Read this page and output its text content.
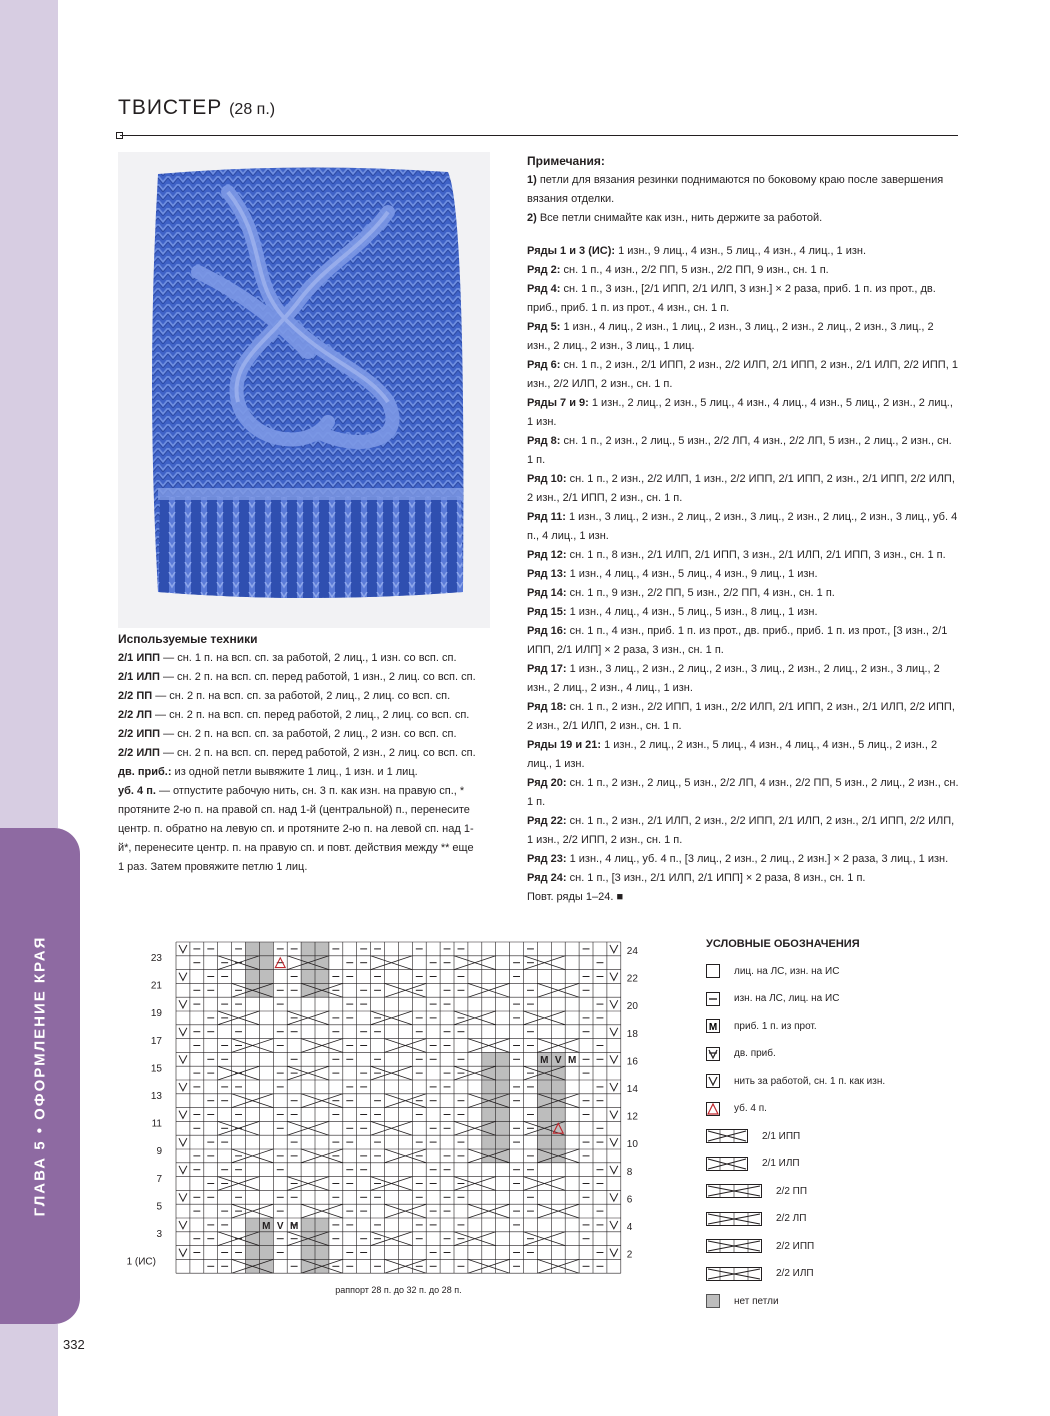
ГЛАВА 5 • ОФОРМЛЕНИЕ КРАЯ
332
ТВИСТЕР (28 п.)

Примечания:

1) петли для вязания резинки поднимаются по боковому краю после завершения вязания отделки.

2) Все петли снимайте как изн., нить держите за работой.

Ряды 1 и 3 (ИС): 1 изн., 9 лиц., 4 изн., 5 лиц., 4 изн., 4 лиц., 1 изн.

Ряд 2: сн. 1 п., 4 изн., 2/2 ПП, 5 изн., 2/2 ПП, 9 изн., сн. 1 п.

Ряд 4: сн. 1 п., 3 изн., [2/1 ИПП, 2/1 ИЛП, 3 изн.] × 2 раза, приб. 1 п. из прот., дв. приб., приб. 1 п. из прот., 4 изн., сн. 1 п.

Ряд 5: 1 изн., 4 лиц., 2 изн., 1 лиц., 2 изн., 3 лиц., 2 изн., 2 лиц., 2 изн., 3 лиц., 2 изн., 2 лиц., 2 изн., 3 лиц., 1 лиц.

Ряд 6: сн. 1 п., 2 изн., 2/1 ИПП, 2 изн., 2/2 ИЛП, 2/1 ИПП, 2 изн., 2/1 ИЛП, 2/2 ИПП, 1 изн., 2/2 ИЛП, 2 изн., сн. 1 п.

Ряды 7 и 9: 1 изн., 2 лиц., 2 изн., 5 лиц., 4 изн., 4 лиц., 4 изн., 5 лиц., 2 изн., 2 лиц., 1 изн.

Ряд 8: сн. 1 п., 2 изн., 2 лиц., 5 изн., 2/2 ЛП, 4 изн., 2/2 ЛП, 5 изн., 2 лиц., 2 изн., сн. 1 п.

Ряд 10: сн. 1 п., 2 изн., 2/2 ИЛП, 1 изн., 2/2 ИПП, 2/1 ИПП, 2 изн., 2/1 ИПП, 2/2 ИЛП, 2 изн., 2/1 ИПП, 2 изн., сн. 1 п.

Ряд 11: 1 изн., 3 лиц., 2 изн., 2 лиц., 2 изн., 3 лиц., 2 изн., 2 лиц., 2 изн., 3 лиц., уб. 4 п., 4 лиц., 1 изн.

Ряд 12: сн. 1 п., 8 изн., 2/1 ИЛП, 2/1 ИПП, 3 изн., 2/1 ИЛП, 2/1 ИПП, 3 изн., сн. 1 п.

Ряд 13: 1 изн., 4 лиц., 4 изн., 5 лиц., 4 изн., 9 лиц., 1 изн.

Ряд 14: сн. 1 п., 9 изн., 2/2 ПП, 5 изн., 2/2 ПП, 4 изн., сн. 1 п.

Ряд 15: 1 изн., 4 лиц., 4 изн., 5 лиц., 5 изн., 8 лиц., 1 изн.

Ряд 16: сн. 1 п., 4 изн., приб. 1 п. из прот., дв. приб., приб. 1 п. из прот., [3 изн., 2/1 ИПП, 2/1 ИЛП] × 2 раза, 3 изн., сн. 1 п.

Ряд 17: 1 изн., 3 лиц., 2 изн., 2 лиц., 2 изн., 3 лиц., 2 изн., 2 лиц., 2 изн., 3 лиц., 2 изн., 2 лиц., 2 изн., 4 лиц., 1 изн.

Ряд 18: сн. 1 п., 2 изн., 2/2 ИПП, 1 изн., 2/2 ИЛП, 2/1 ИПП, 2 изн., 2/1 ИЛП, 2/2 ИПП, 2 изн., 2/1 ИЛП, 2 изн., сн. 1 п.

Ряды 19 и 21: 1 изн., 2 лиц., 2 изн., 5 лиц., 4 изн., 4 лиц., 4 изн., 5 лиц., 2 изн., 2 лиц., 1 изн.

Ряд 20: сн. 1 п., 2 изн., 2 лиц., 5 изн., 2/2 ЛП, 4 изн., 2/2 ПП, 5 изн., 2 лиц., 2 изн., сн. 1 п.

Ряд 22: сн. 1 п., 2 изн., 2/1 ИЛП, 2 изн., 2/2 ИПП, 2/1 ИЛП, 2 изн., 2/1 ИПП, 2/2 ИЛП, 1 изн., 2/2 ИПП, 2 изн., сн. 1 п.

Ряд 23: 1 изн., 4 лиц., уб. 4 п., [3 лиц., 2 изн., 2 лиц., 2 изн.] × 2 раза, 3 лиц., 1 изн.

Ряд 24: сн. 1 п., [3 изн., 2/1 ИЛП, 2/1 ИПП] × 2 раза, 8 изн., сн. 1 п.

Повт. ряды 1–24. ■

Используемые техники

2/1 ИПП — сн. 1 п. на всп. сп. за работой, 2 лиц., 1 изн. со всп. сп.

2/1 ИЛП — сн. 2 п. на всп. сп. перед работой, 1 изн., 2 лиц. со всп. сп.

2/2 ПП — сн. 2 п. на всп. сп. за работой, 2 лиц., 2 лиц. со всп. сп.

2/2 ЛП — сн. 2 п. на всп. сп. перед работой, 2 лиц., 2 лиц. со всп. сп.

2/2 ИПП — сн. 2 п. на всп. сп. за работой, 2 лиц., 2 изн. со всп. сп.

2/2 ИЛП — сн. 2 п. на всп. сп. перед работой, 2 изн., 2 лиц. со всп. сп.

дв. приб.: из одной петли вывяжите 1 лиц., 1 изн. и 1 лиц.

уб. 4 п. — отпустите рабочую нить, сн. 3 п. как изн. на правую сп., * протяните 2-ю п. на правой сп. над 1-й (центральной) п., перенесите центр. п. обратно на левую сп. и протяните 2-ю п. на левой сп. над 1-й*, перенесите центр. п. на правую сп. и повт. действия между ** еще 1 раз. Затем провяжите петлю 1 лиц.

M M
M M
V
V
23
21
19
17
15
13
11
9
7
5
3
1 (ИС)
24
22
20
18
16
14
12
10
8
6
4
2
раппорт 28 п. до 32 п. до 28 п.
УСЛОВНЫЕ ОБОЗНАЧЕНИЯ
лиц. на ЛС, изн. на ИС
изн. на ЛС, лиц. на ИС
M приб. 1 п. из прот.
дв. приб.
нить за работой, сн. 1 п. как изн.
уб. 4 п.
2/1 ИПП
2/1 ИЛП
2/2 ПП
2/2 ЛП
2/2 ИПП
2/2 ИЛП
нет петли
